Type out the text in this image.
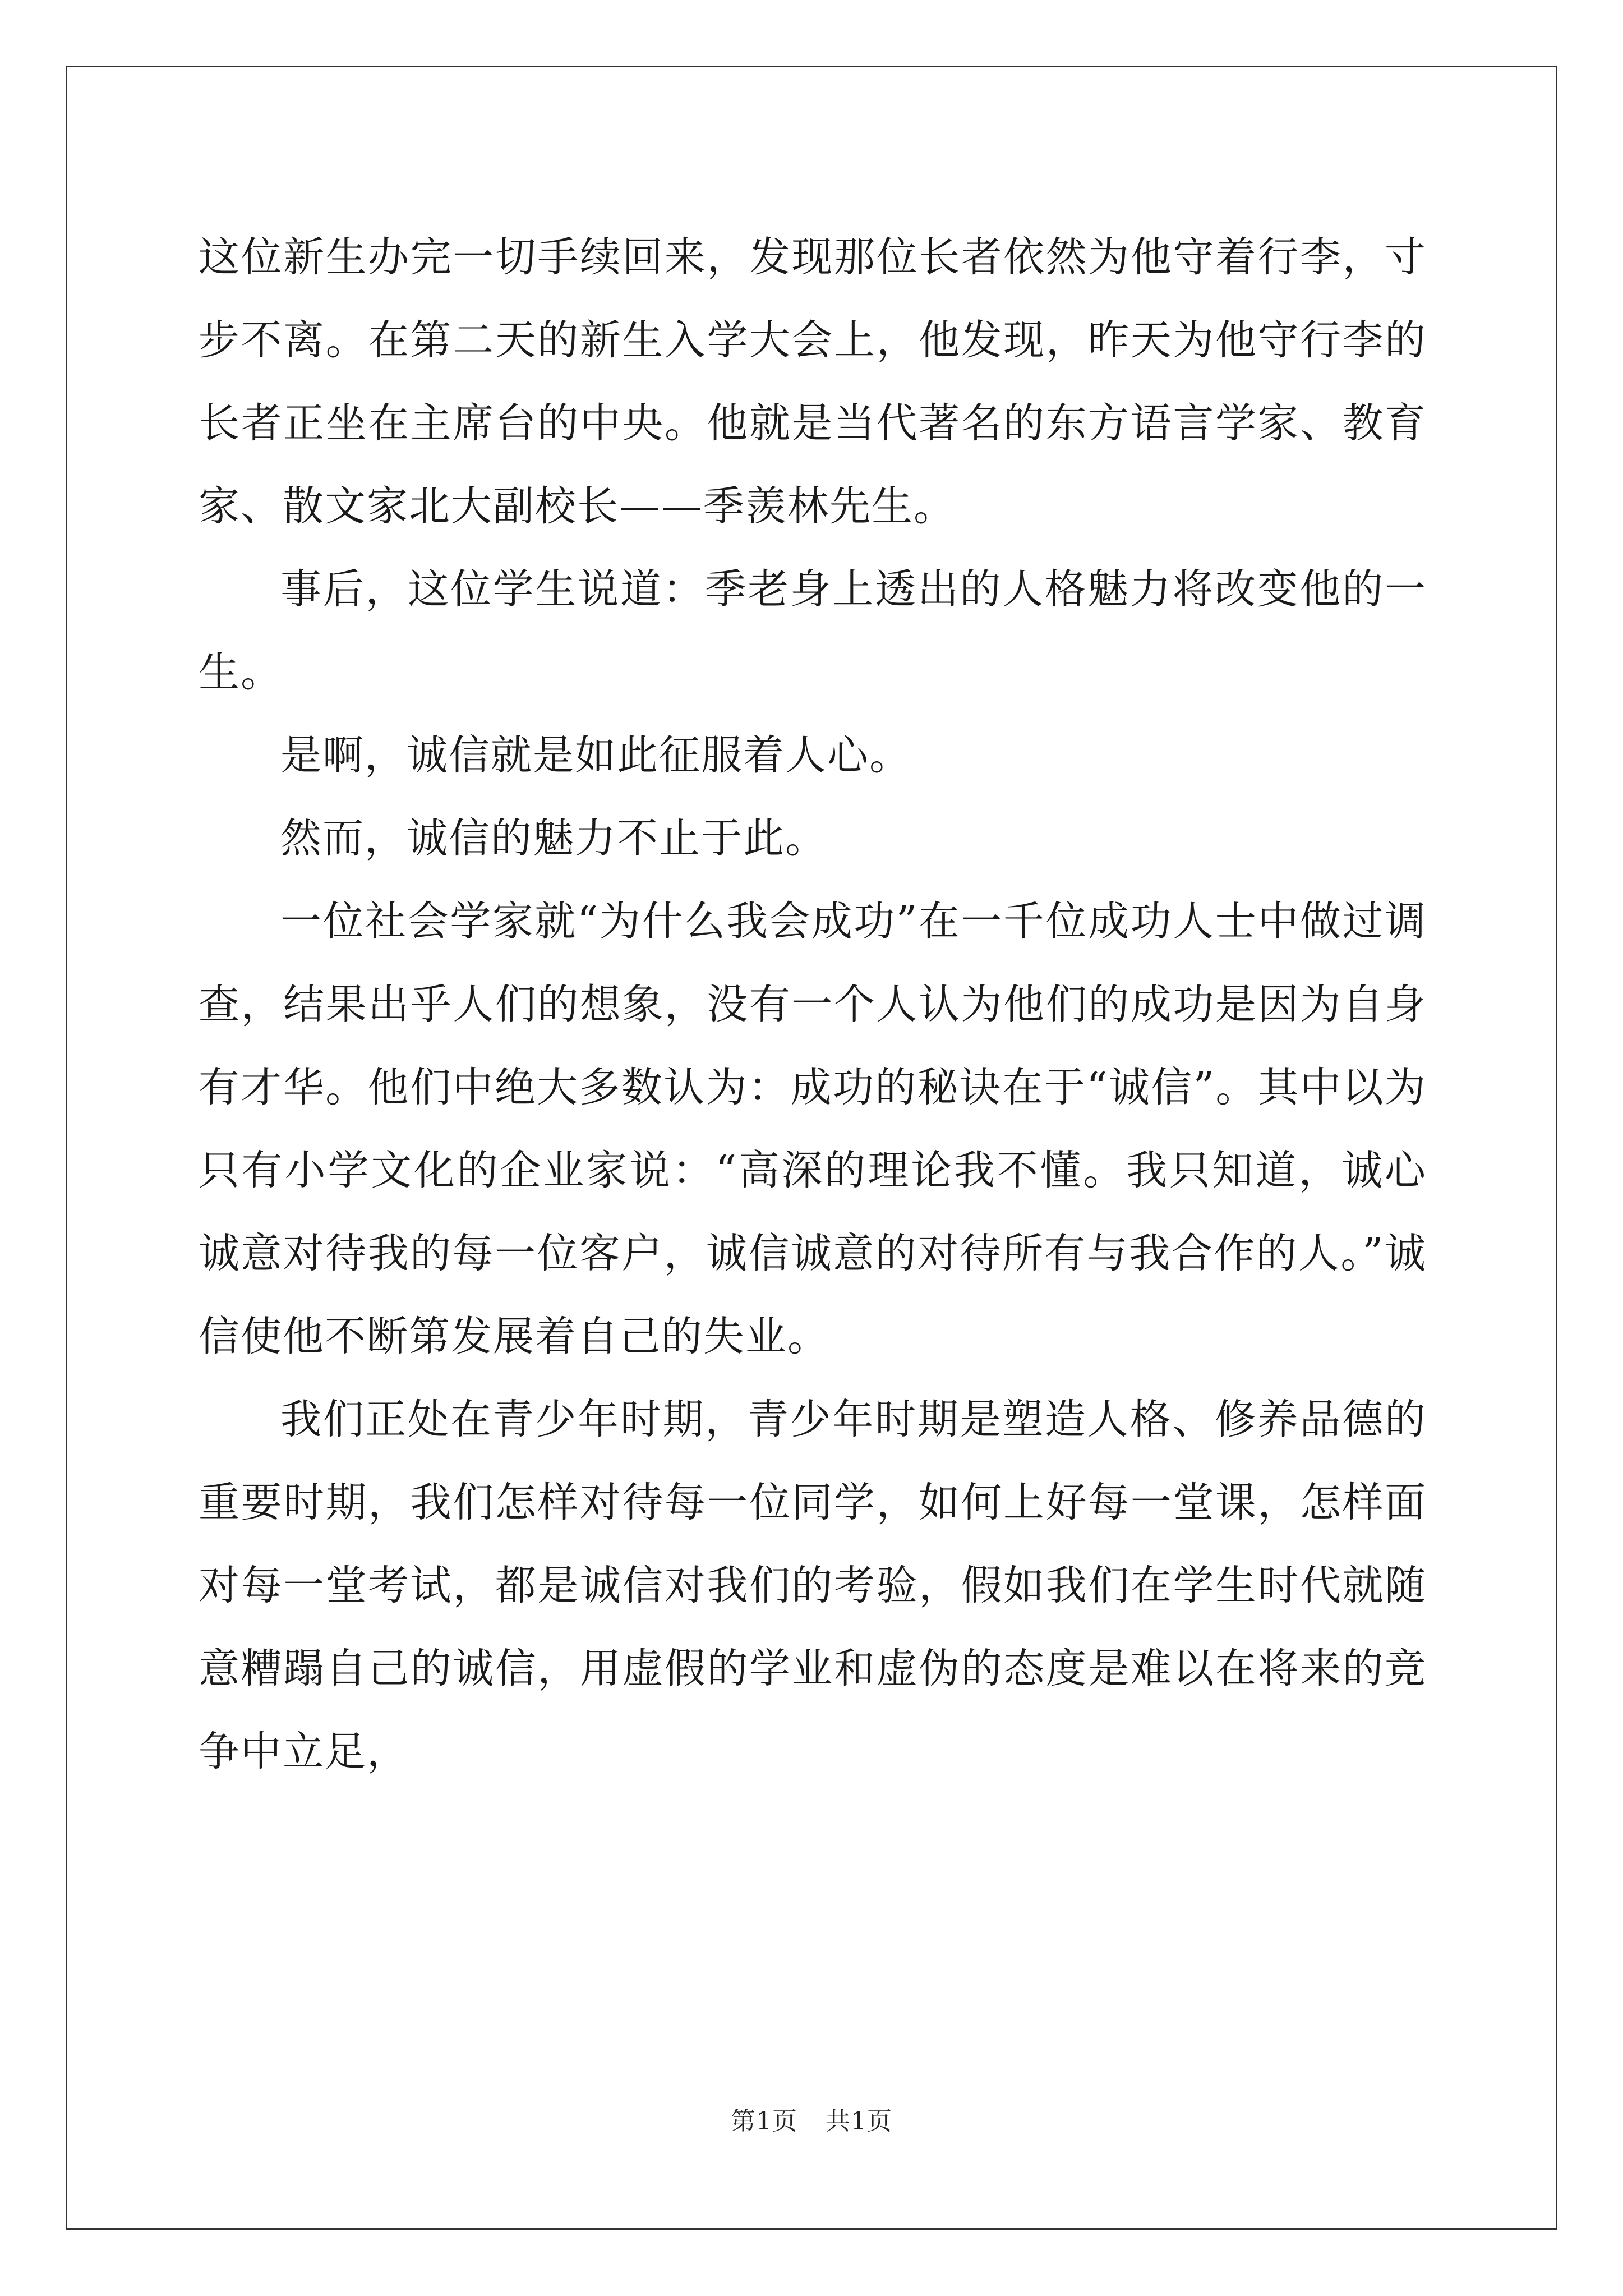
这位新生办完一切手续回来，发现那位长者依然为他守着行李，寸步不离。在第二天的新生入学大会上，他发现，昨天为他守行李的长者正坐在主席台的中央。他就是当代著名的东方语言学家、教育家、散文家北大副校长——季羡林先生。

事后，这位学生说道：季老身上透出的人格魅力将改变他的一生。

是啊，诚信就是如此征服着人心。

然而，诚信的魅力不止于此。

一位社会学家就“为什么我会成功”在一千位成功人士中做过调查，结果出乎人们的想象，没有一个人认为他们的成功是因为自身有才华。他们中绝大多数认为：成功的秘诀在于“诚信”。其中以为只有小学文化的企业家说：“高深的理论我不懂。我只知道，诚心诚意对待我的每一位客户，诚信诚意的对待所有与我合作的人。”诚信使他不断第发展着自己的失业。

我们正处在青少年时期，青少年时期是塑造人格、修养品德的重要时期，我们怎样对待每一位同学，如何上好每一堂课，怎样面对每一堂考试，都是诚信对我们的考验，假如我们在学生时代就随意糟蹋自己的诚信，用虚假的学业和虚伪的态度是难以在将来的竞争中立足，

第1页 共1页
